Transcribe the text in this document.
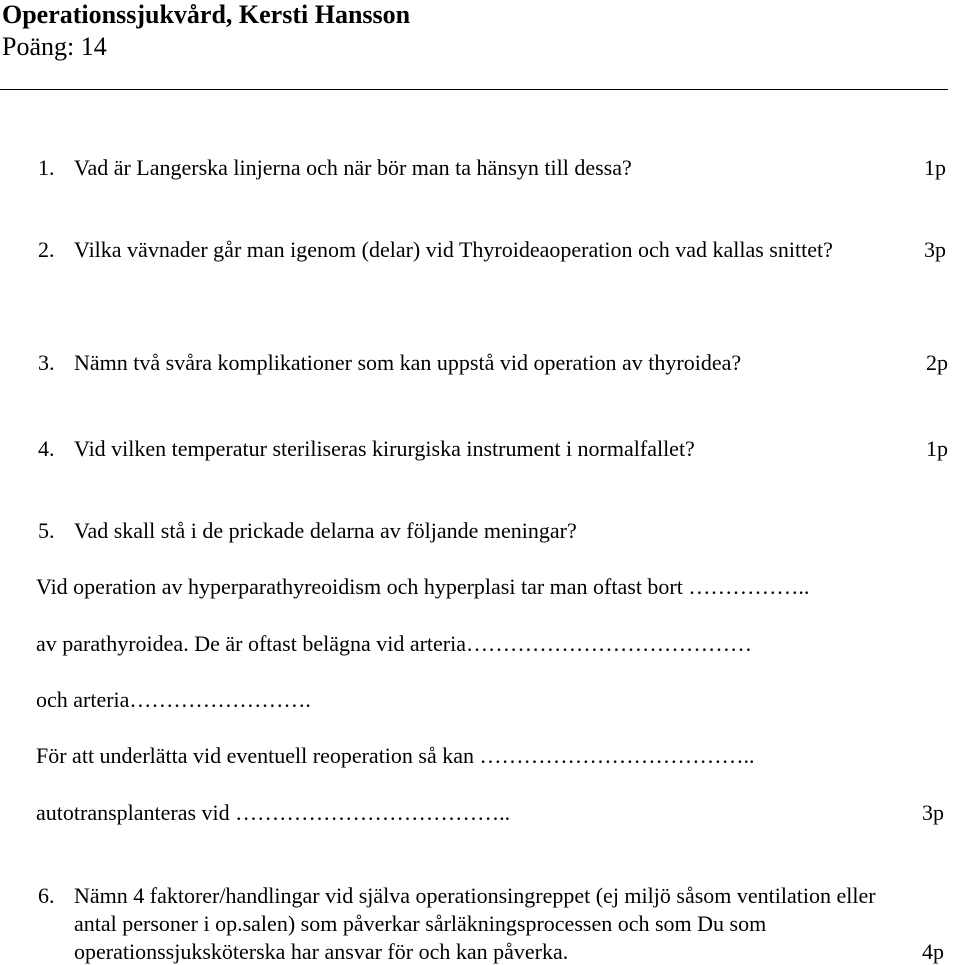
Operationssjukvård, Kersti Hansson
Poäng: 14
1. Vad är Langerska linjerna och när bör man ta hänsyn till dessa?	1p
2. Vilka vävnader går man igenom (delar) vid Thyroideaoperation och vad kallas snittet?	3p
3. Nämn två svåra komplikationer som kan uppstå vid operation av thyroidea?	2p
4. Vid vilken temperatur steriliseras kirurgiska instrument i normalfallet?	1p
5. Vad skall stå i de prickade delarna av följande meningar?
Vid operation av hyperparathyreoidism och hyperplasi tar man oftast bort ……………..
av parathyroidea. De är oftast belägna vid arteria…………………………………
och arteria…………………….
För att underlätta vid eventuell reoperation så kan ………………………………..
autotransplanteras vid ………………………………..	3p
6. Nämn 4 faktorer/handlingar vid själva operationsingreppet (ej miljö såsom ventilation eller
antal personer i op.salen) som påverkar sårläkningsprocessen och som Du som
operationssjuksköterska har ansvar för och kan påverka.	4p
